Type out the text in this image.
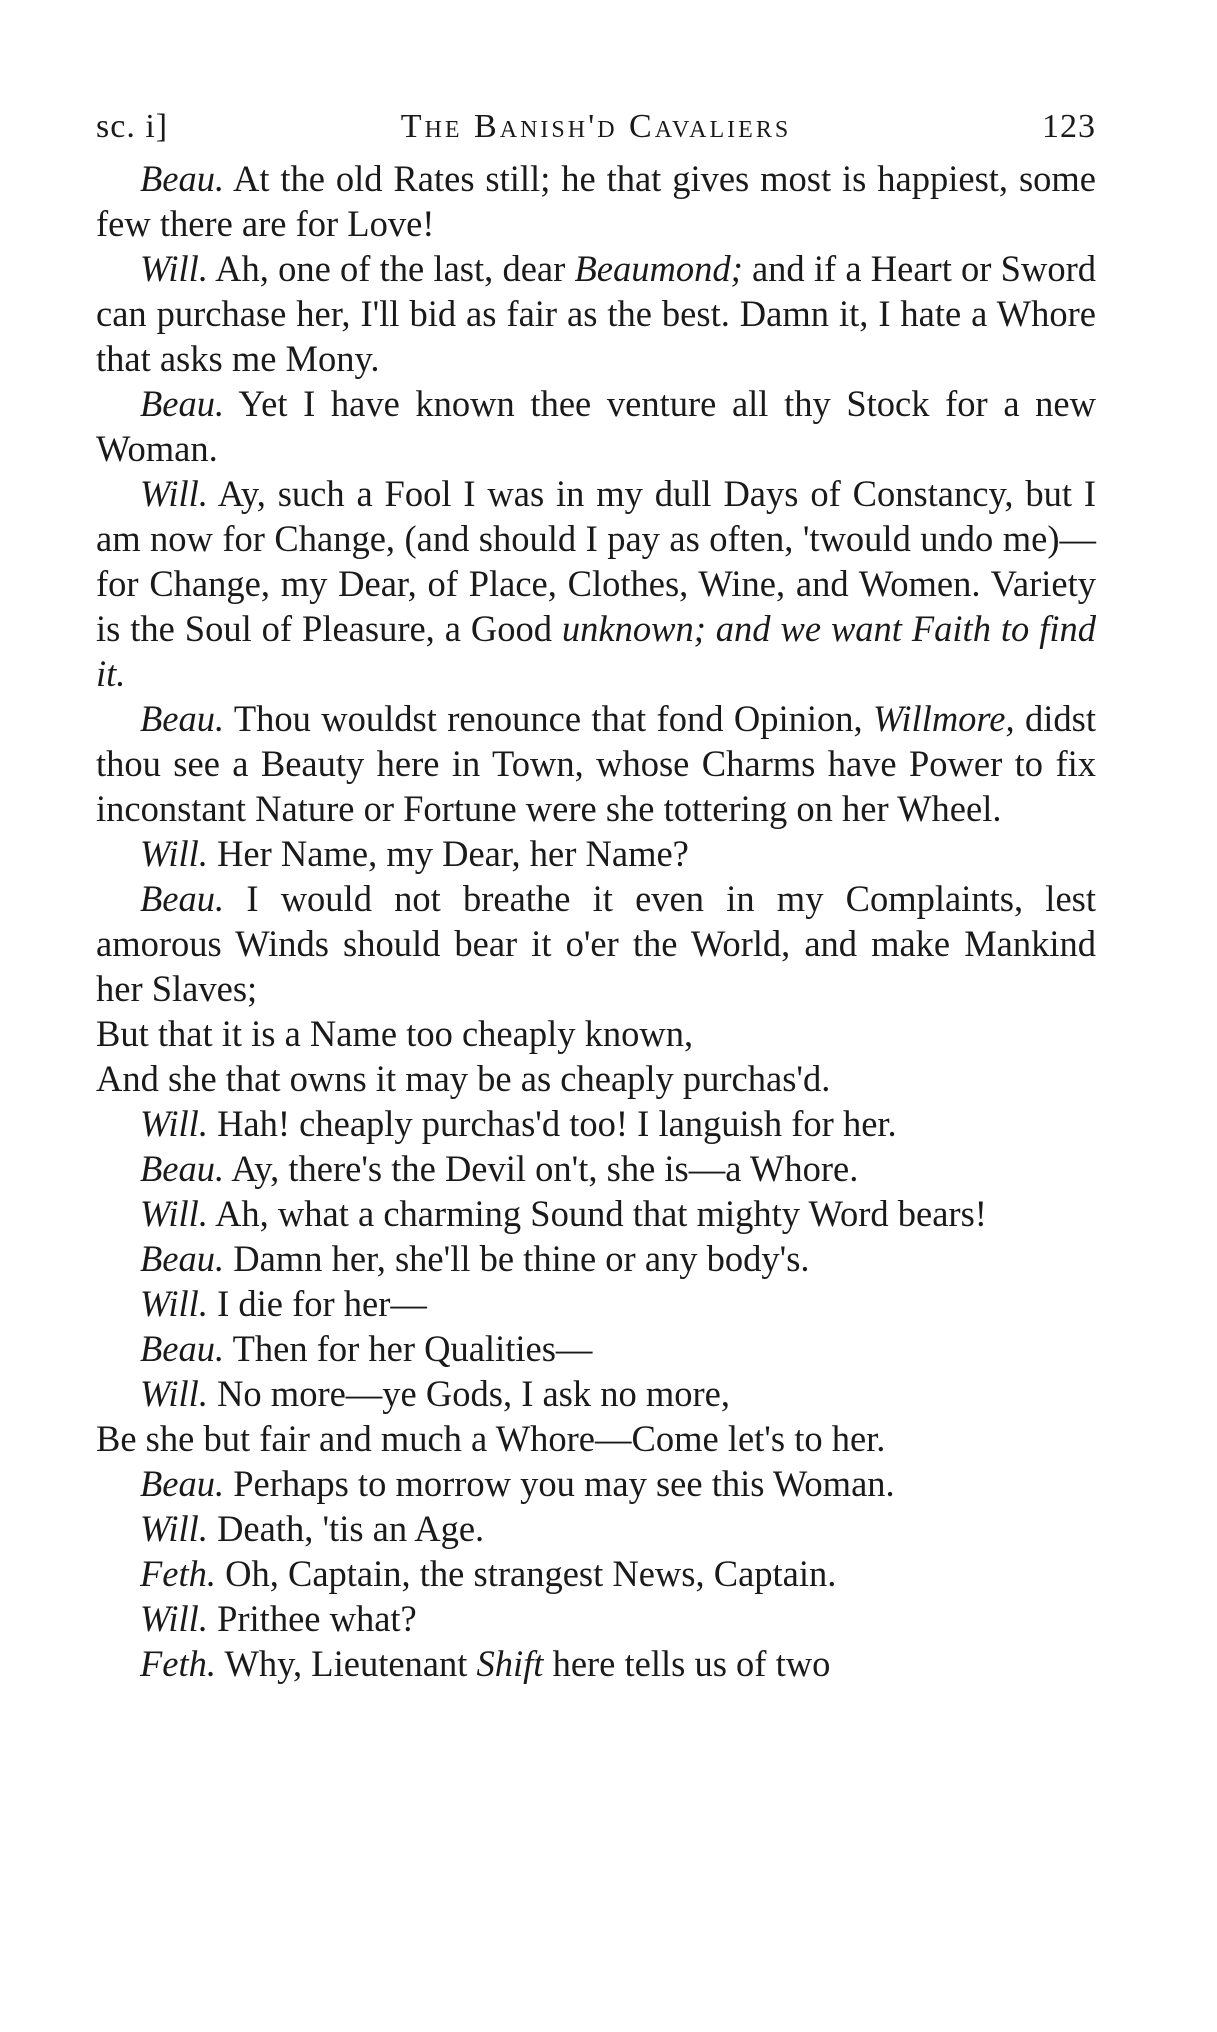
sc. i]	The Banish'd Cavaliers	123

Beau. At the old Rates still; he that gives most is happiest, some few there are for Love!

Will. Ah, one of the last, dear Beaumond; and if a Heart or Sword can purchase her, I'll bid as fair as the best. Damn it, I hate a Whore that asks me Mony.

Beau. Yet I have known thee venture all thy Stock for a new Woman.

Will. Ay, such a Fool I was in my dull Days of Constancy, but I am now for Change, (and should I pay as often, 'twould undo me)—for Change, my Dear, of Place, Clothes, Wine, and Women. Variety is the Soul of Pleasure, a Good unknown; and we want Faith to find it.

Beau. Thou wouldst renounce that fond Opinion, Willmore, didst thou see a Beauty here in Town, whose Charms have Power to fix inconstant Nature or Fortune were she tottering on her Wheel.

Will. Her Name, my Dear, her Name?

Beau. I would not breathe it even in my Complaints, lest amorous Winds should bear it o'er the World, and make Mankind her Slaves;

But that it is a Name too cheaply known,

And she that owns it may be as cheaply purchas'd.

Will. Hah! cheaply purchas'd too! I languish for her.

Beau. Ay, there's the Devil on't, she is—a Whore.

Will. Ah, what a charming Sound that mighty Word bears!

Beau. Damn her, she'll be thine or any body's.

Will. I die for her—

Beau. Then for her Qualities—

Will. No more—ye Gods, I ask no more,

Be she but fair and much a Whore—Come let's to her.

Beau. Perhaps to morrow you may see this Woman.

Will. Death, 'tis an Age.

Feth. Oh, Captain, the strangest News, Captain.

Will. Prithee what?

Feth. Why, Lieutenant Shift here tells us of two
